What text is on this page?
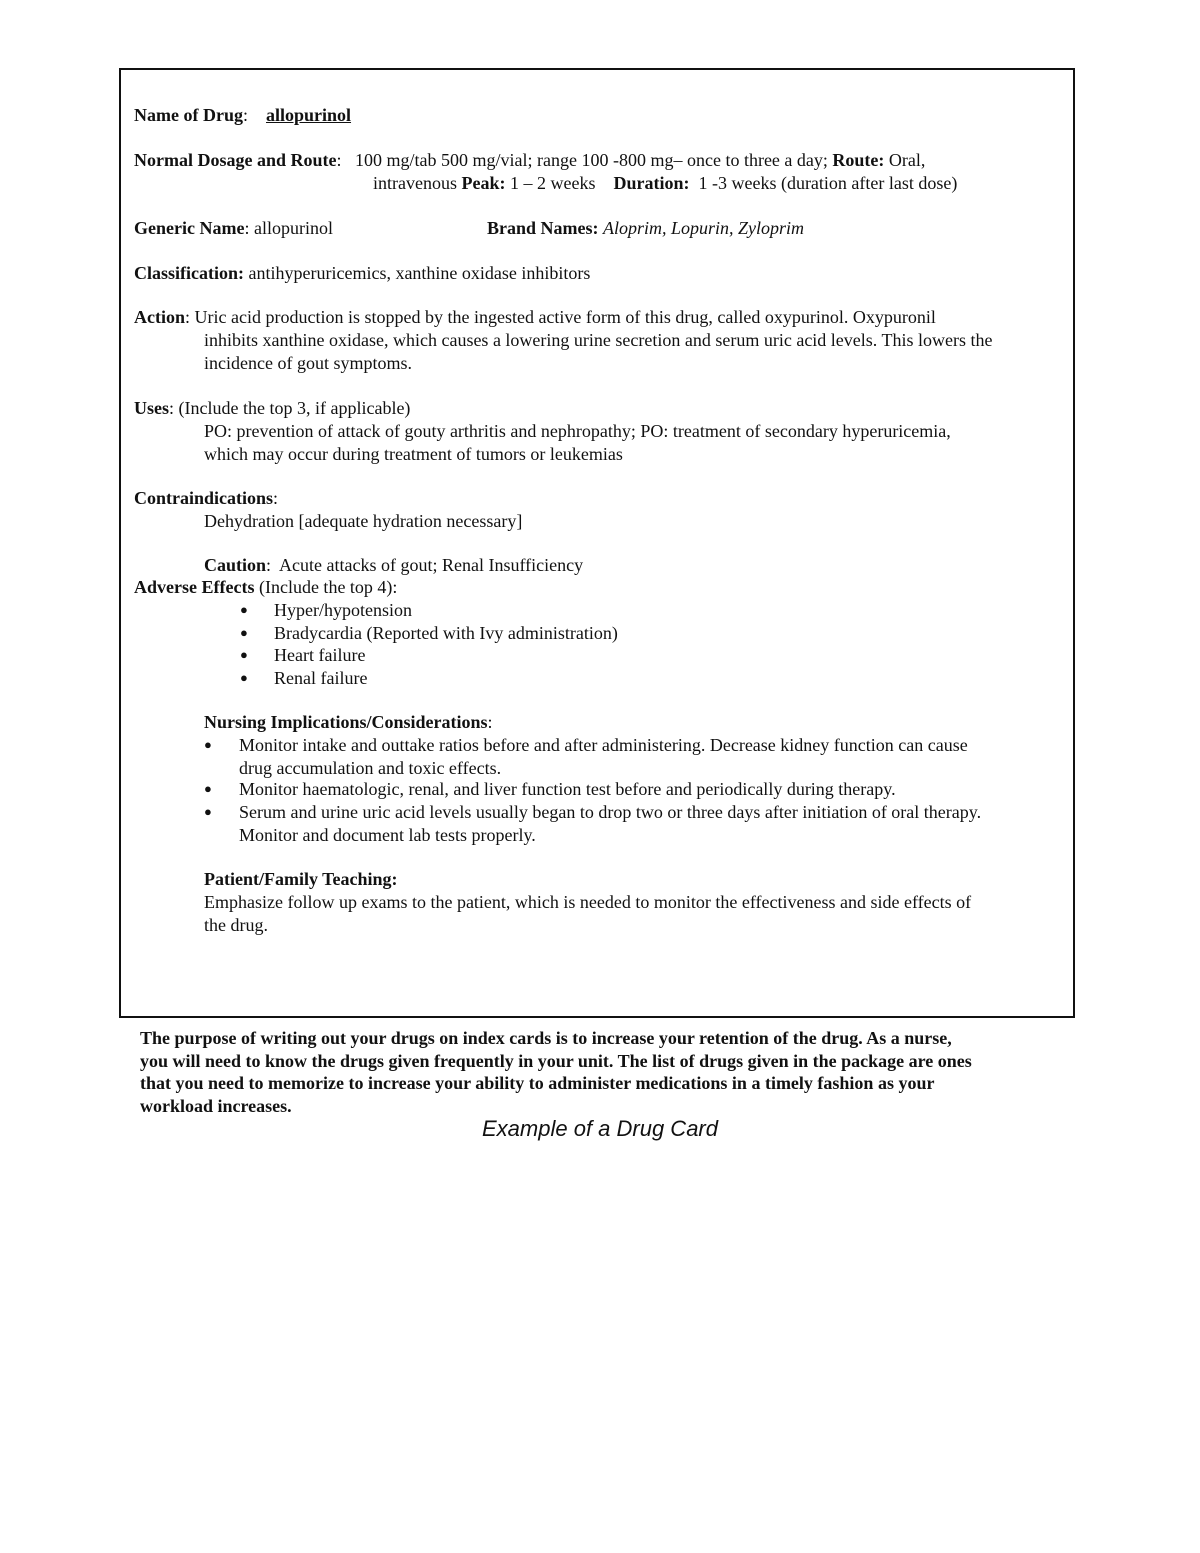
Name of Drug:    allopurinol
Normal Dosage and Route:   100 mg/tab 500 mg/vial; range 100 -800 mg– once to three a day; Route: Oral,
intravenous Peak: 1 – 2 weeks Duration: 1 -3 weeks (duration after last dose)
Generic Name: allopurinol	Brand Names: Aloprim, Lopurin, Zyloprim
Classification: antihyperuricemics, xanthine oxidase inhibitors
Action: Uric acid production is stopped by the ingested active form of this drug, called oxypurinol. Oxypuronil
inhibits xanthine oxidase, which causes a lowering urine secretion and serum uric acid levels. This lowers the
incidence of gout symptoms.
Uses: (Include the top 3, if applicable)
PO: prevention of attack of gouty arthritis and nephropathy; PO: treatment of secondary hyperuricemia,
which may occur during treatment of tumors or leukemias
Contraindications:
Dehydration [adequate hydration necessary]
Caution:  Acute attacks of gout; Renal Insufficiency
Adverse Effects (Include the top 4):
● Hyper/hypotension
● Bradycardia (Reported with Ivy administration)
● Heart failure
● Renal failure
Nursing Implications/Considerations:
● Monitor intake and outtake ratios before and after administering. Decrease kidney function can cause
drug accumulation and toxic effects.
● Monitor haematologic, renal, and liver function test before and periodically during therapy.
● Serum and urine uric acid levels usually began to drop two or three days after initiation of oral therapy.
Monitor and document lab tests properly.
Patient/Family Teaching:
Emphasize follow up exams to the patient, which is needed to monitor the effectiveness and side effects of
the drug.
The purpose of writing out your drugs on index cards is to increase your retention of the drug. As a nurse,
you will need to know the drugs given frequently in your unit. The list of drugs given in the package are ones
that you need to memorize to increase your ability to administer medications in a timely fashion as your
workload increases.
Example of a Drug Card
